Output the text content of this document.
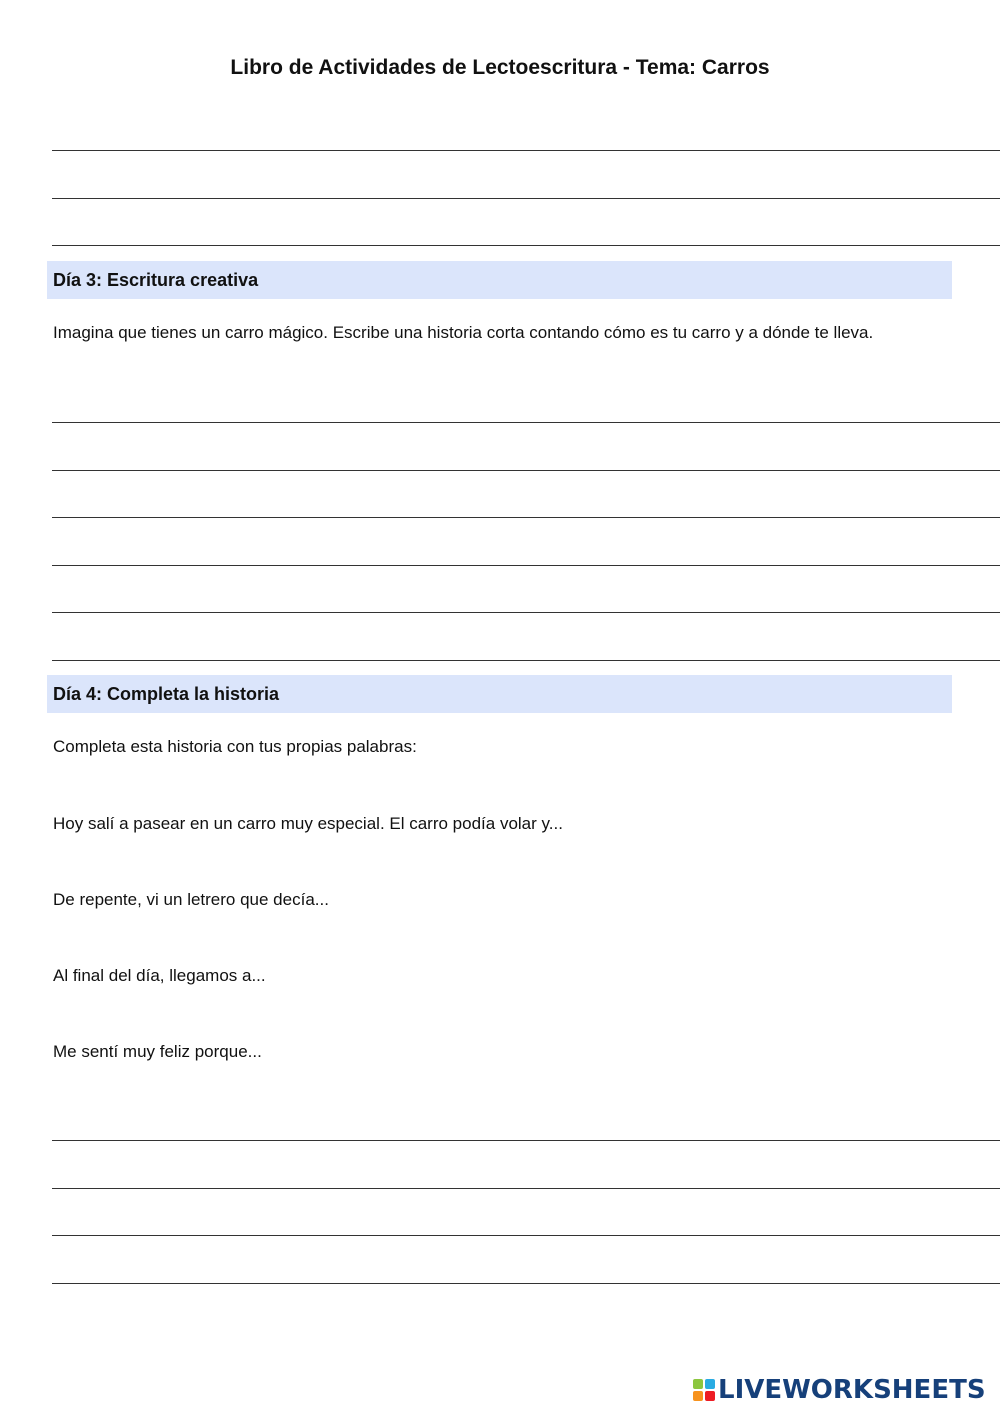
Libro de Actividades de Lectoescritura - Tema: Carros
Día 3: Escritura creativa

Imagina que tienes un carro mágico. Escribe una historia corta contando cómo es tu carro y a dónde te lleva.

Día 4: Completa la historia

Completa esta historia con tus propias palabras:

Hoy salí a pasear en un carro muy especial. El carro podía volar y...

De repente, vi un letrero que decía...

Al final del día, llegamos a...

Me sentí muy feliz porque...

LIVEWORKSHEETS
